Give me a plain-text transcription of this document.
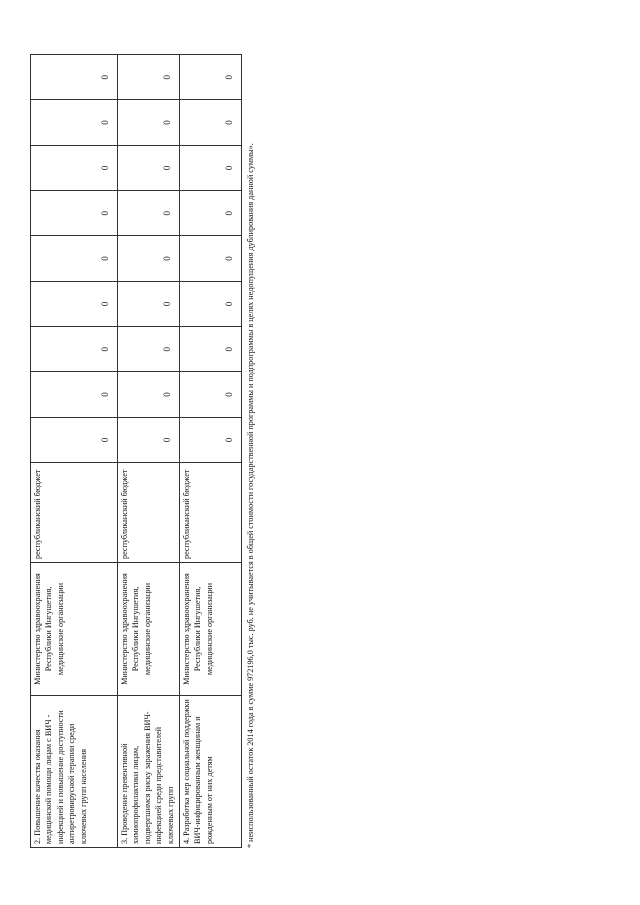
2. Повышение качества оказания медицинской помощи лицам с ВИЧ - инфекцией и повышение доступности антиретровирусной терапии среди ключевых групп населения	Министерство здравоохранения Республики Ингушетия, медицинские организации	республиканский бюджет	0	0	0	0	0	0	0	0	0
3. Проведение превентивной химиопрофилактики лицам, подвергшимся риску заражения ВИЧ-инфекцией среди представителей ключевых групп	Министерство здравоохранения Республики Ингушетия, медицинские организации	республиканский бюджет	0	0	0	0	0	0	0	0	0
4. Разработка мер социальной поддержки ВИЧ-инфицированным женщинам и рожденным от них детям	Министерство здравоохранения Республики Ингушетия, медицинские организации	республиканский бюджет	0	0	0	0	0	0	0	0	0
* неиспользованный остаток 2014 года в сумме 972196,0 тыс. руб. не учитывается в общей стоимости государственной программы и подпрограммы в целях недопущения дублирования данной суммы».
